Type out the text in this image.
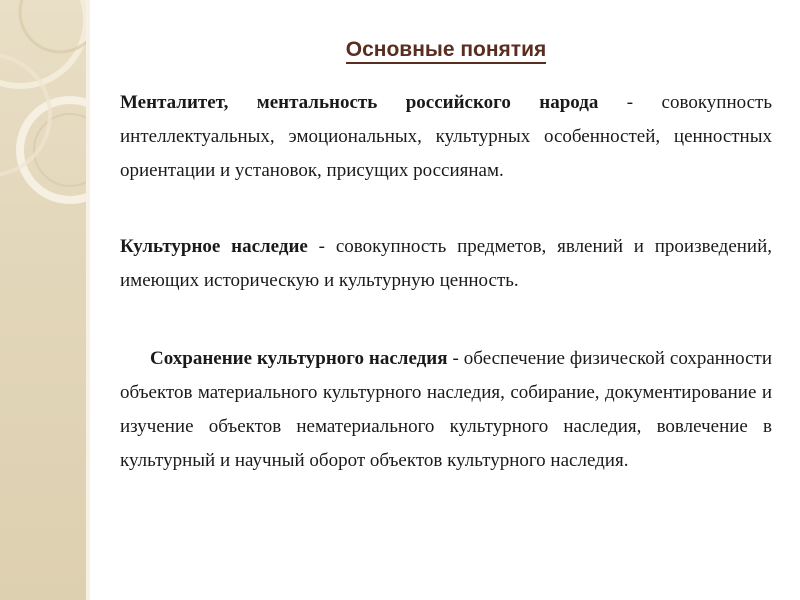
Основные понятия

Менталитет, ментальность российского народа - совокупность интеллектуальных, эмоциональных, культурных особенностей, ценностных ориентации и установок, присущих россиянам.

Культурное наследие - совокупность предметов, явлений и произведений, имеющих историческую и культурную ценность.

Сохранение культурного наследия - обеспечение физической сохранности объектов материального культурного наследия, собирание, документирование и изучение объектов нематериального культурного наследия, вовлечение в культурный и научный оборот объектов культурного наследия.
